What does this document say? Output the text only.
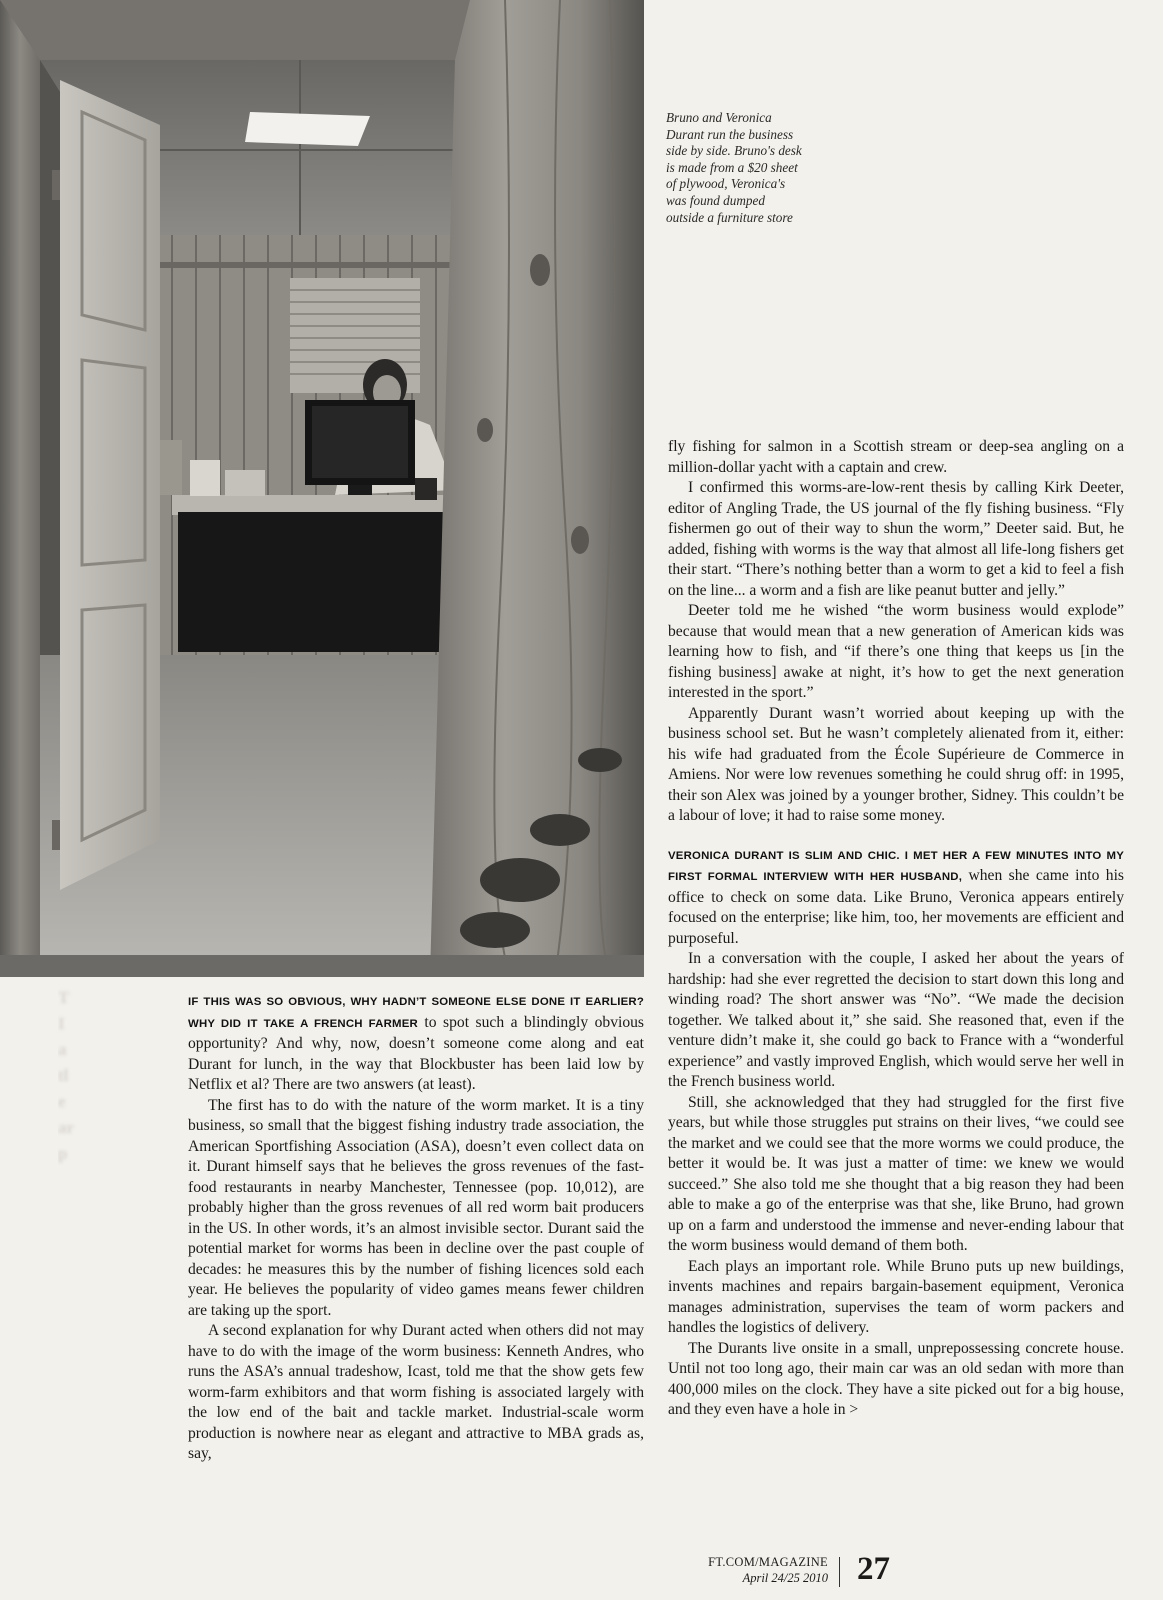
Bruno and Veronica
Durant run the business
side by side. Bruno's desk
is made from a $20 sheet
of plywood, Veronica's
was found dumped
outside a furniture store
T
I
a
tl
e
ar
p

fly fishing for salmon in a Scottish stream or deep-sea angling on a million-dollar yacht with a captain and crew.

I confirmed this worms-are-low-rent thesis by calling Kirk Deeter, editor of Angling Trade, the US journal of the fly fishing business. “Fly fishermen go out of their way to shun the worm,” Deeter said. But, he added, fishing with worms is the way that almost all life-long fishers get their start. “There’s nothing better than a worm to get a kid to feel a fish on the line... a worm and a fish are like peanut butter and jelly.”

Deeter told me he wished “the worm business would explode” because that would mean that a new generation of American kids was learning how to fish, and “if there’s one thing that keeps us [in the fishing business] awake at night, it’s how to get the next generation interested in the sport.”

Apparently Durant wasn’t worried about keeping up with the business school set. But he wasn’t completely alienated from it, either: his wife had graduated from the École Supérieure de Commerce in Amiens. Nor were low revenues something he could shrug off: in 1995, their son Alex was joined by a younger brother, Sidney. This couldn’t be a labour of love; it had to raise some money.

VERONICA DURANT IS SLIM AND CHIC. I MET HER A FEW MINUTES INTO MY FIRST FORMAL INTERVIEW WITH HER HUSBAND, when she came into his office to check on some data. Like Bruno, Veronica appears entirely focused on the enterprise; like him, too, her movements are efficient and purposeful.

In a conversation with the couple, I asked her about the years of hardship: had she ever regretted the decision to start down this long and winding road? The short answer was “No”. “We made the decision together. We talked about it,” she said. She reasoned that, even if the venture didn’t make it, she could go back to France with a “wonderful experience” and vastly improved English, which would serve her well in the French business world.

Still, she acknowledged that they had struggled for the first five years, but while those struggles put strains on their lives, “we could see the market and we could see that the more worms we could produce, the better it would be. It was just a matter of time: we knew we would succeed.” She also told me she thought that a big reason they had been able to make a go of the enterprise was that she, like Bruno, had grown up on a farm and understood the immense and never-ending labour that the worm business would demand of them both.

Each plays an important role. While Bruno puts up new buildings, invents machines and repairs bargain-basement equipment, Veronica manages administration, supervises the team of worm packers and handles the logistics of delivery.

The Durants live onsite in a small, unprepossessing concrete house. Until not too long ago, their main car was an old sedan with more than 400,000 miles on the clock. They have a site picked out for a big house, and they even have a hole in >

IF THIS WAS SO OBVIOUS, WHY HADN’T SOMEONE ELSE DONE IT EARLIER? WHY DID IT TAKE A FRENCH FARMER to spot such a blindingly obvious opportunity? And why, now, doesn’t someone come along and eat Durant for lunch, in the way that Blockbuster has been laid low by Netflix et al? There are two answers (at least).

The first has to do with the nature of the worm market. It is a tiny business, so small that the biggest fishing industry trade association, the American Sportfishing Association (ASA), doesn’t even collect data on it. Durant himself says that he believes the gross revenues of the fast-food restaurants in nearby Manchester, Tennessee (pop. 10,012), are probably higher than the gross revenues of all red worm bait producers in the US. In other words, it’s an almost invisible sector. Durant said the potential market for worms has been in decline over the past couple of decades: he measures this by the number of fishing licences sold each year. He believes the popularity of video games means fewer children are taking up the sport.

A second explanation for why Durant acted when others did not may have to do with the image of the worm business: Kenneth Andres, who runs the ASA’s annual tradeshow, Icast, told me that the show gets few worm-farm exhibitors and that worm fishing is associated largely with the low end of the bait and tackle market. Industrial-scale worm production is nowhere near as elegant and attractive to MBA grads as, say,

FT.COM/MAGAZINE
April 24/25 2010 27
